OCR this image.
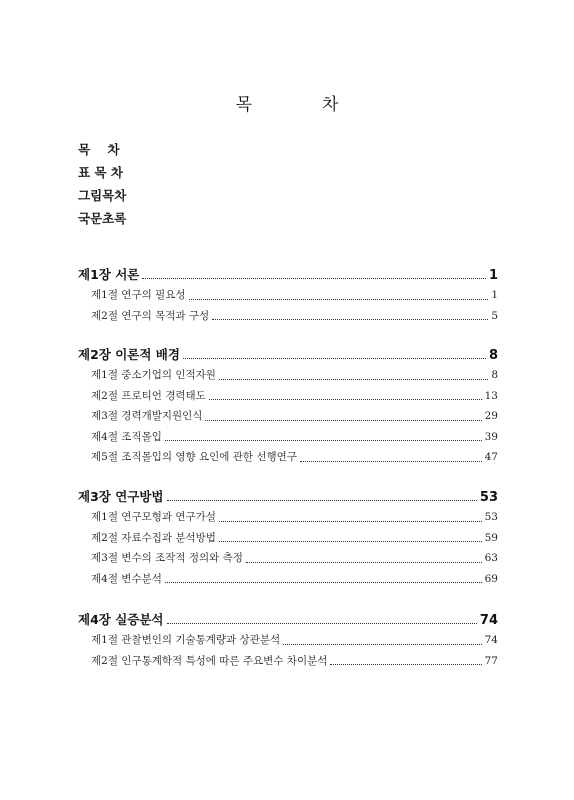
목	차
목    차
표 목 차
그림목차
국문초록
제1장 서론	1
제1절 연구의 필요성	1
제2절 연구의 목적과 구성	5
제2장 이론적 배경	8
제1절 중소기업의 인적자원	8
제2절 프로티언 경력태도	13
제3절 경력개발지원인식	29
제4절 조직몰입	39
제5절 조직몰입의 영향 요인에 관한 선행연구	47
제3장 연구방법	53
제1절 연구모형과 연구가설	53
제2절 자료수집과 분석방법	59
제3절 변수의 조작적 정의와 측정	63
제4절 변수분석	69
제4장 실증분석	74
제1절 관찰변인의 기술통계량과 상관분석	74
제2절 인구통계학적 특성에 따른 주요변수 차이분석	77
